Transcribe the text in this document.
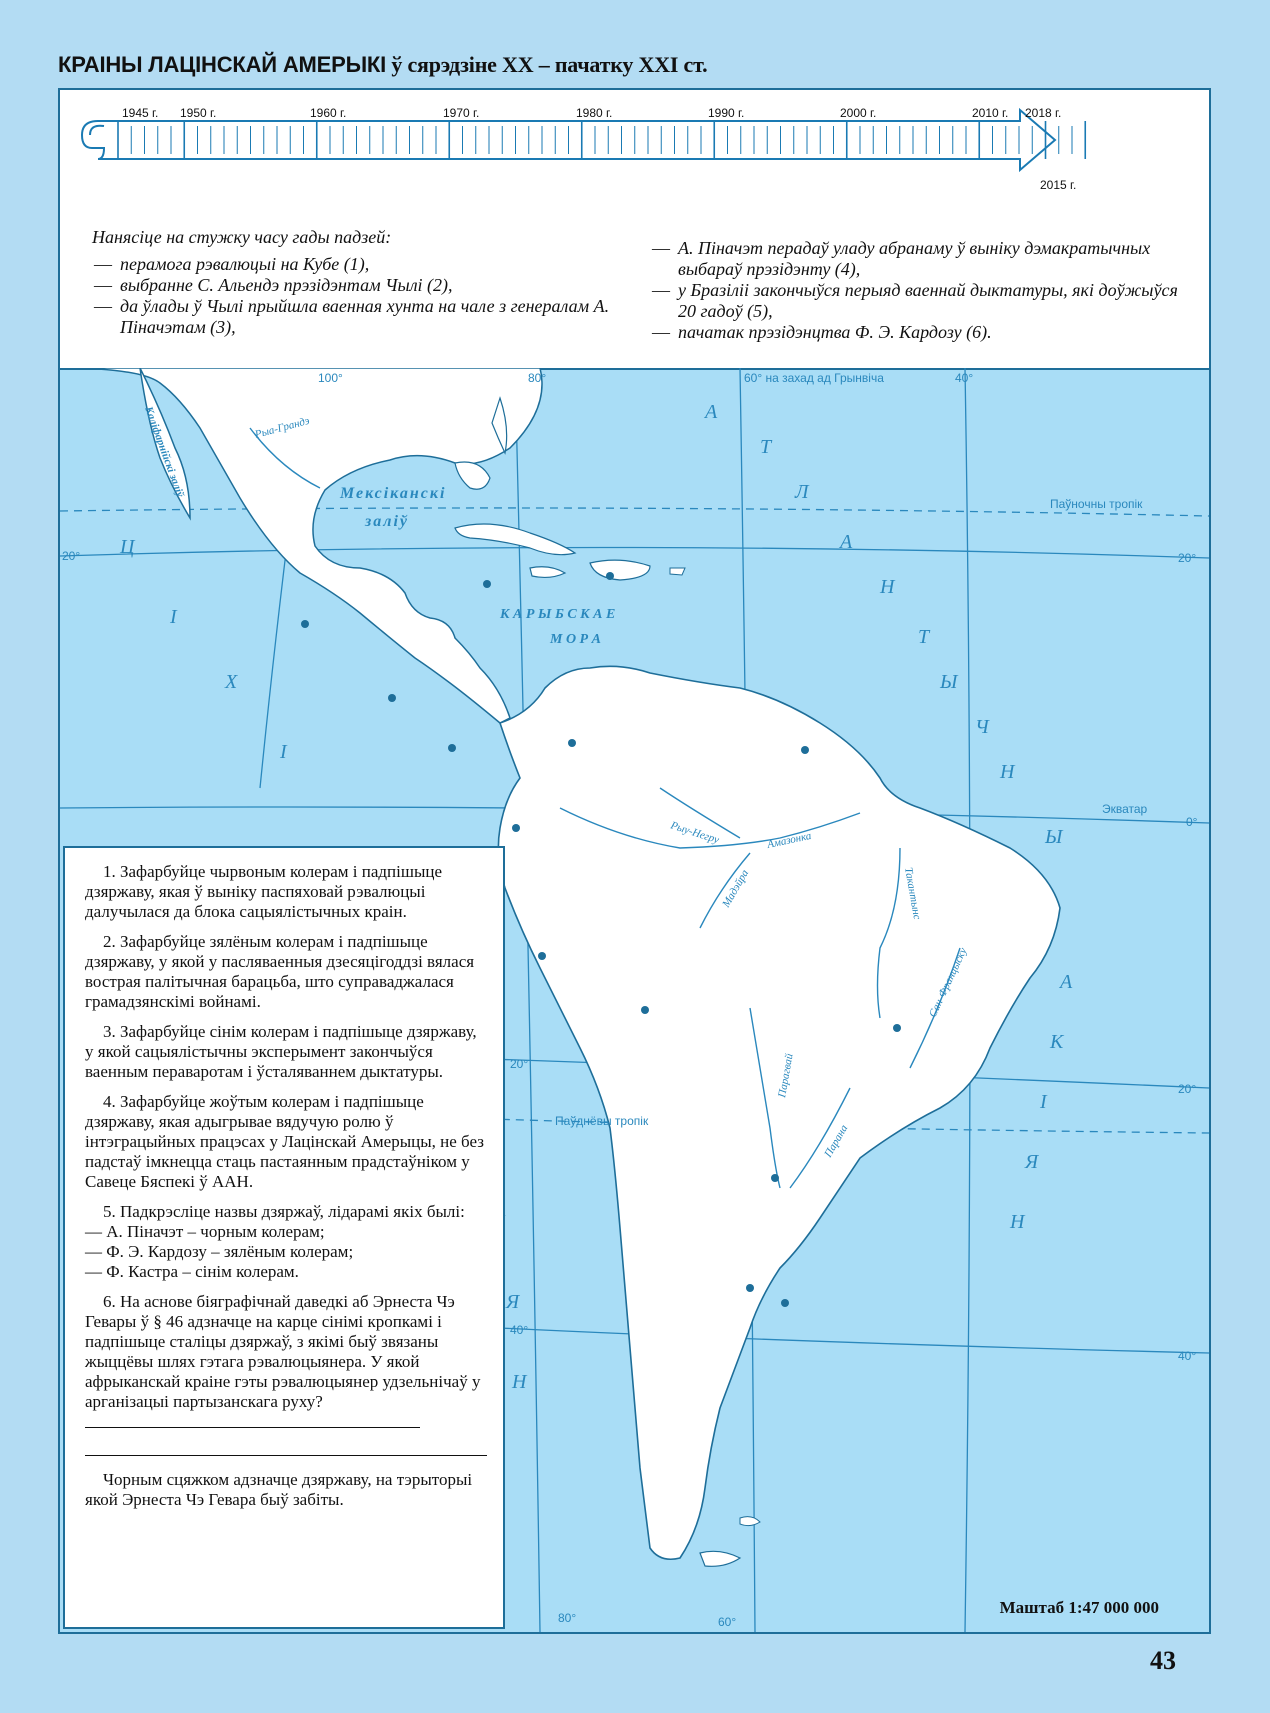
КРАІНЫ ЛАЦІНСКАЙ АМЕРЫКІ ў сярэдзіне XX – пачатку XXI ст.
1945 г. 1950 г.	1960 г.	1970 г.	1980 г.	1990 г.	2000 г.	2010 г. 2018 г.
2015 г.

Нанясіце на стужку часу гады падзей:

— перамога рэвалюцыі на Кубе (1),
— выбранне С. Альендэ прэзідэнтам Чылі (2),
— да ўлады ў Чылі прыйшла ваенная хунта на чале з генералам А. Пiначэтам (3),
— А. Пiначэт перадаў уладу абранаму ў выніку дэмакратычных выбараў прэзідэнту (4),
— у Бразіліі закончыўся перыяд ваеннай дыктатуры, які доўжыўся 20 гадоў (5),
— пачатак прэзідэнцтва Ф. Э. Кардозу (6).
100°	80°	60° на захад ад Грынвіча	40°
80°	60°
20°	20°
0°
20°
20°
40°
40°
Паўночны тропік
Экватар
Паўднёвы тропік
Мексіканскі
заліў
К А Р Ы Б С К А Е
М О Р А
Каліфарнійскі заліў	Рыа-Грандэ
Рыу-Негру	Амазонка
Мадэйра	Такантынс
Сан-Францыску
Парагвай
Парана
А
Т
Л
А
Н
Т
Ы
Ч
Н
Ы
А
К
І
Я
Н
Ц
І
Х
І
Я
Н

1. Зафарбуйце чырвоным колерам і падпішыце дзяржаву, якая ў выніку паспяховай рэвалюцыі далучылася да блока сацыялістычных краін.

2. Зафарбуйце зялёным колерам і падпішыце дзяржаву, у якой у пасляваенныя дзесяцігоддзі вялася вострая палітычная барацьба, што суправаджалася грамадзянскімі войнамі.

3. Зафарбуйце сінім колерам і падпішыце дзяржаву, у якой сацыялістычны эксперымент закончыўся ваенным пераваротам і ўсталяваннем дыктатуры.

4. Зафарбуйце жоўтым колерам і падпішыце дзяржаву, якая адыгрывае вядучую ролю ў інтэграцыйных працэсах у Лацінскай Амерыцы, не без падстаў імкнецца стаць пастаянным прадстаўніком у Савеце Бяспекі ў ААН.

5. Падкрэсліце назвы дзяржаў, лідарамі якіх былі:

— А. Пiначэт – чорным колерам;
— Ф. Э. Кардозу – зялёным колерам;
— Ф. Кастра – сінім колерам.

6. На аснове біяграфічнай даведкі аб Эрнеста Чэ Гевары ў § 46 адзначце на карце сінімі кропкамі і падпішыце сталіцы дзяржаў, з якімі быў звязаны жыццёвы шлях гэтага рэвалюцыянера. У якой афрыканскай краіне гэты рэвалюцыянер удзельнічаў у арганізацыі партызанскага руху?

Чорным сцяжком адзначце дзяржаву, на тэрыторыі якой Эрнеста Чэ Гевара быў забіты.

Маштаб 1:47 000 000
43
